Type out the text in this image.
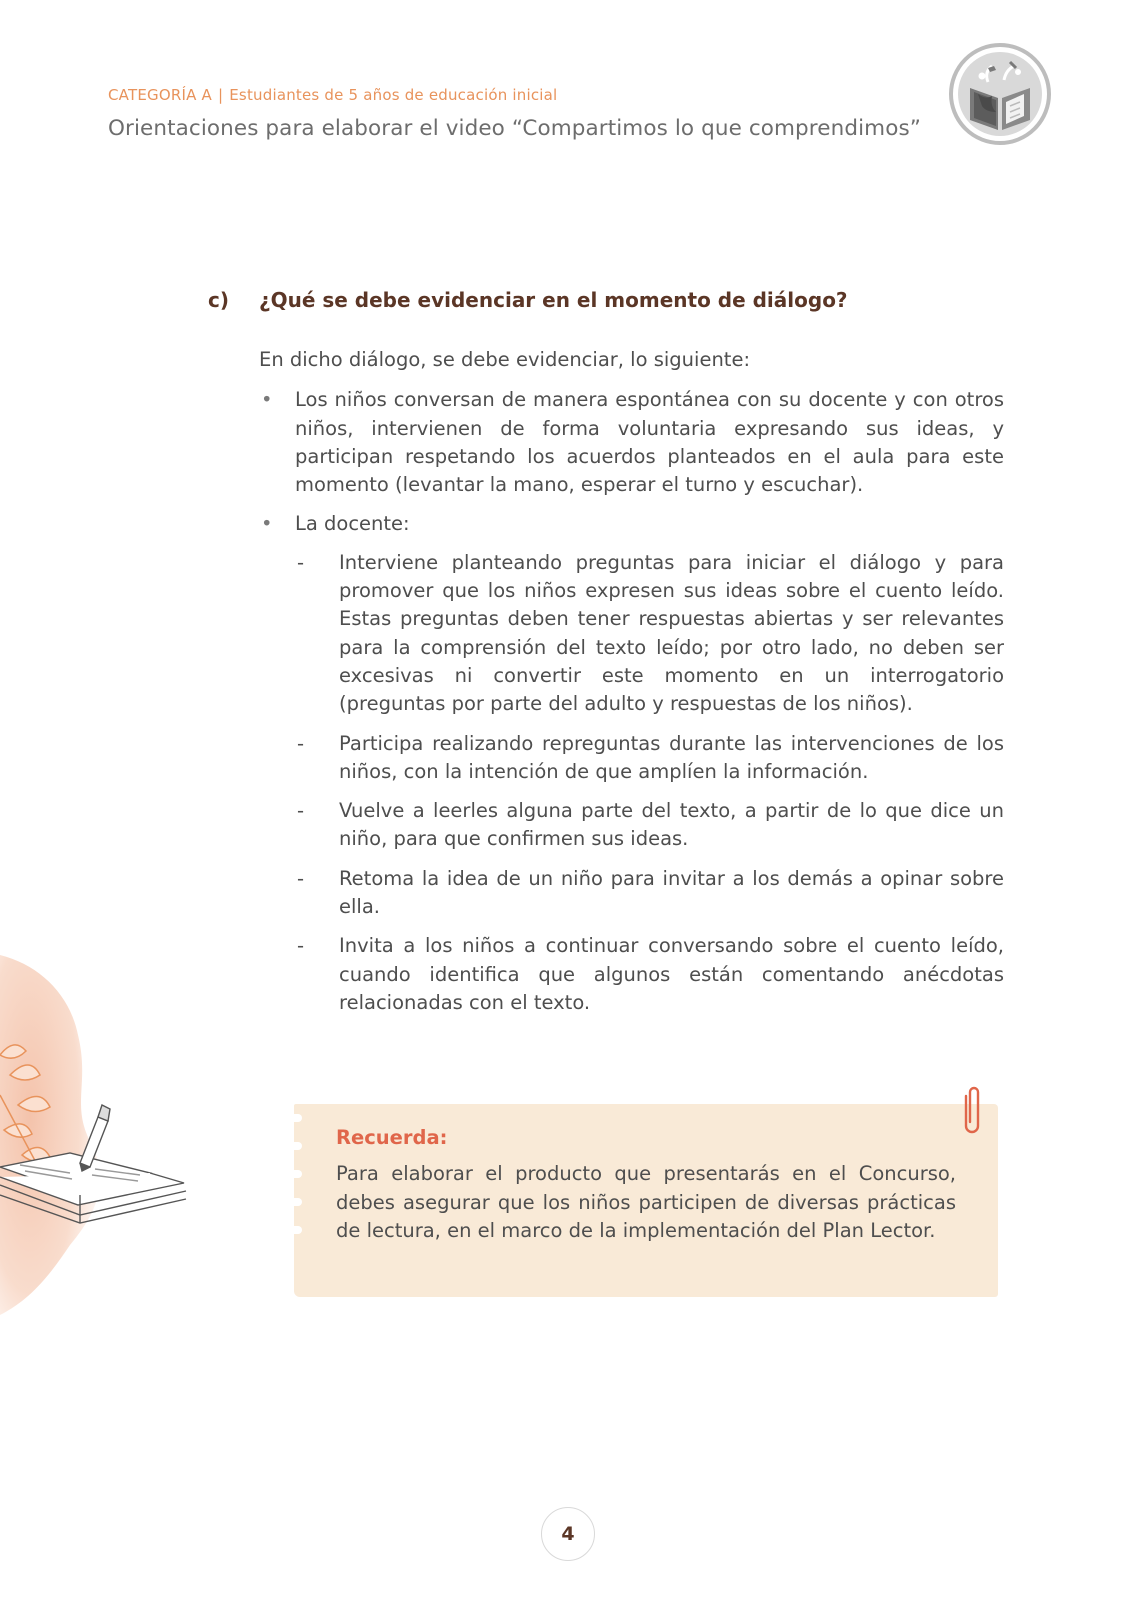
CATEGORÍA A | Estudiantes de 5 años de educación inicial
Orientaciones para elaborar el video “Compartimos lo que comprendimos”
c)	¿Qué se debe evidenciar en el momento de diálogo?
En dicho diálogo, se debe evidenciar, lo siguiente:
• Los niños conversan de manera espontánea con su docente y con otros niños, intervienen de forma voluntaria expresando sus ideas, y participan respetando los acuerdos planteados en el aula para este momento (levantar la mano, esperar el turno y escuchar).
• La docente:
- Interviene planteando preguntas para iniciar el diálogo y para promover que los niños expresen sus ideas sobre el cuento leído. Estas preguntas deben tener respuestas abiertas y ser relevantes para la comprensión del texto leído; por otro lado, no deben ser excesivas ni convertir este momento en un interrogatorio (preguntas por parte del adulto y respuestas de los niños).
- Participa realizando repreguntas durante las intervenciones de los niños, con la intención de que amplíen la información.
- Vuelve a leerles alguna parte del texto, a partir de lo que dice un niño, para que confirmen sus ideas.
- Retoma la idea de un niño para invitar a los demás a opinar sobre ella.
- Invita a los niños a continuar conversando sobre el cuento leído, cuando identifica que algunos están comentando anécdotas relacionadas con el texto.
Recuerda:
Para elaborar el producto que presentarás en el Concurso, debes asegurar que los niños participen de diversas prácticas de lectura, en el marco de la implementación del Plan Lector.
4
